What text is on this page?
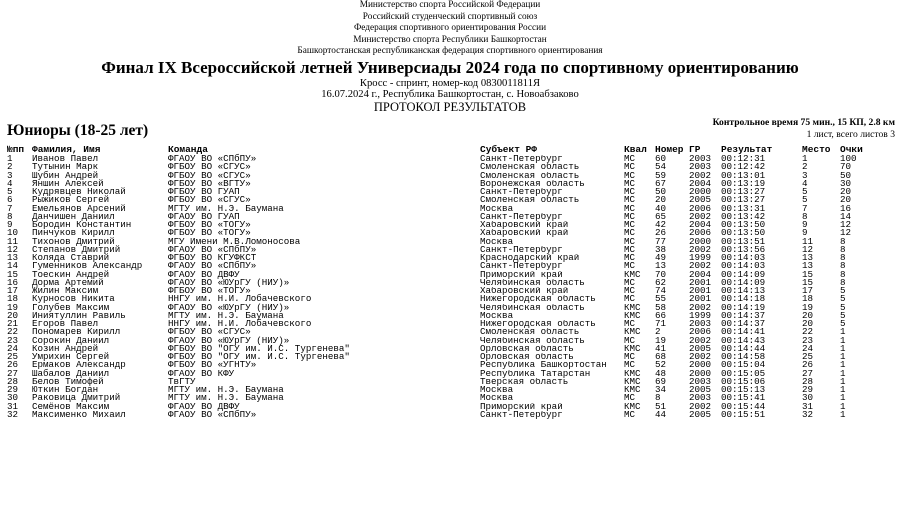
Министерство спорта Российской Федерации
Российский студенческий спортивный союз
Федерация спортивного ориентирования России
Министерство спорта Республики Башкортостан
Башкортостанская республиканская федерация спортивного ориентирования
Финал IX Всероссийской летней Универсиады 2024 года по спортивному ориентированию
Кросс - спринт, номер-код 0830011811Я
16.07.2024 г., Республика Башкортостан, с. Новоабзаково
ПРОТОКОЛ РЕЗУЛЬТАТОВ
Юниоры (18-25 лет)	Контрольное время 75 мин., 15 КП, 2.8 км
1 лист, всего листов 3
№пп Фамилия, Имя	Команда	Субъект РФ	Квал Номер ГР Результат	Место Очки
1 Иванов Павел	ФГАОУ ВО «СПбПУ»	Санкт-Петербург	МС 60 2003 00:12:31	1	100
2 Тутынин Марк	ФГБОУ ВО «СГУС»	Смоленская область	МС 54 2003 00:12:42	2	70
3 Шубин Андрей	ФГБОУ ВО «СГУС»	Смоленская область	МС 59 2002 00:13:01	3	50
4 Яншин Алексей	ФГБОУ ВО «ВГТУ»	Воронежская область	МС 67 2004 00:13:19	4	30
5 Кудрявцев Николай	ФГБОУ ВО ГУАП	Санкт-Петербург	МС 50 2000 00:13:27	5	20
6 Рыжиков Сергей	ФГБОУ ВО «СГУС»	Смоленская область	МС 20 2005 00:13:27	5	20
7 Емельянов Арсений	МГТУ им. Н.Э. Баумана	Москва	МС 40 2006 00:13:31	7	16
8 Данчишен Даниил	ФГАОУ ВО ГУАП	Санкт-Петербург	МС 65 2002 00:13:42	8	14
9 Бородин Константин	ФГБОУ ВО «ТОГУ»	Хабаровский край	МС 42 2004 00:13:50	9	12
10 Пинчуков Кирилл	ФГБОУ ВО «ТОГУ»	Хабаровский край	МС 26 2006 00:13:50	9	12
11 Тихонов Дмитрий	МГУ Имени М.В.Ломоносова	Москва	МС 77 2000 00:13:51	11	8
12 Степанов Дмитрий	ФГАОУ ВО «СПбПУ»	Санкт-Петербург	МС 38 2002 00:13:56	12	8
13 Коляда Ставрий	ФГБОУ ВО КГУФКСТ	Краснодарский край	МС 49 1999 00:14:03	13	8
14 Гуменников Александр	ФГАОУ ВО «СПбПУ»	Санкт-Петербург	МС 13 2002 00:14:03	13	8
15 Тоескин Андрей	ФГАОУ ВО ДВФУ	Приморский край	КМС 70 2004 00:14:09	15	8
16 Дорма Артемий	ФГАОУ ВО «ЮУрГУ (НИУ)»	Челябинская область	МС 62 2001 00:14:09	15	8
17 Жилин Максим	ФГБОУ ВО «ТОГУ»	Хабаровский край	МС 74 2001 00:14:13	17	5
18 Курносов Никита	ННГУ им. Н.И. Лобачевского	Нижегородская область	МС 55 2001 00:14:18	18	5
19 Голубев Максим	ФГАОУ ВО «ЮУрГУ (НИУ)»	Челябинская область	КМС 58 2002 00:14:19	19	5
20 Иниятуллин Равиль	МГТУ им. Н.Э. Баумана	Москва	КМС 66 1999 00:14:37	20	5
21 Егоров Павел	ННГУ им. Н.И. Лобачевского	Нижегородская область	МС 71 2003 00:14:37	20	5
22 Пономарев Кирилл	ФГБОУ ВО «СГУС»	Смоленская область	КМС 2	2006 00:14:41	22	1
23 Сорокин Даниил	ФГАОУ ВО «ЮУрГУ (НИУ)»	Челябинская область	МС 19 2002 00:14:43	23	1
24 Козин Андрей	ФГБОУ ВО "ОГУ им. И.С. Тургенева"	Орловская область	КМС 41 2005 00:14:44	24	1
25 Умрихин Сергей	ФГБОУ ВО "ОГУ им. И.С. Тургенева"	Орловская область	МС 68 2002 00:14:58	25	1
26 Ермаков Александр	ФГБОУ ВО «УГНТУ»	Республика Башкортостан	МС 52 2000 00:15:04	26	1
27 Шабалов Даниил	ФГАОУ ВО КФУ	Республика Татарстан	КМС 48 2000 00:15:05	27	1
28 Белов Тимофей	ТвГТУ	Тверская область	КМС 69 2003 00:15:06	28	1
29 Юткин Богдан	МГТУ им. Н.Э. Баумана	Москва	КМС 34 2005 00:15:13	29	1
30 Раковица Дмитрий	МГТУ им. Н.Э. Баумана	Москва	МС 8	2003 00:15:41	30	1
31 Семёнов Максим	ФГАОУ ВО ДВФУ	Приморский край	КМС 51 2002 00:15:44	31	1
32 Максименко Михаил	ФГАОУ ВО «СПбПУ»	Санкт-Петербург	МС 44 2005 00:15:51	32	1
